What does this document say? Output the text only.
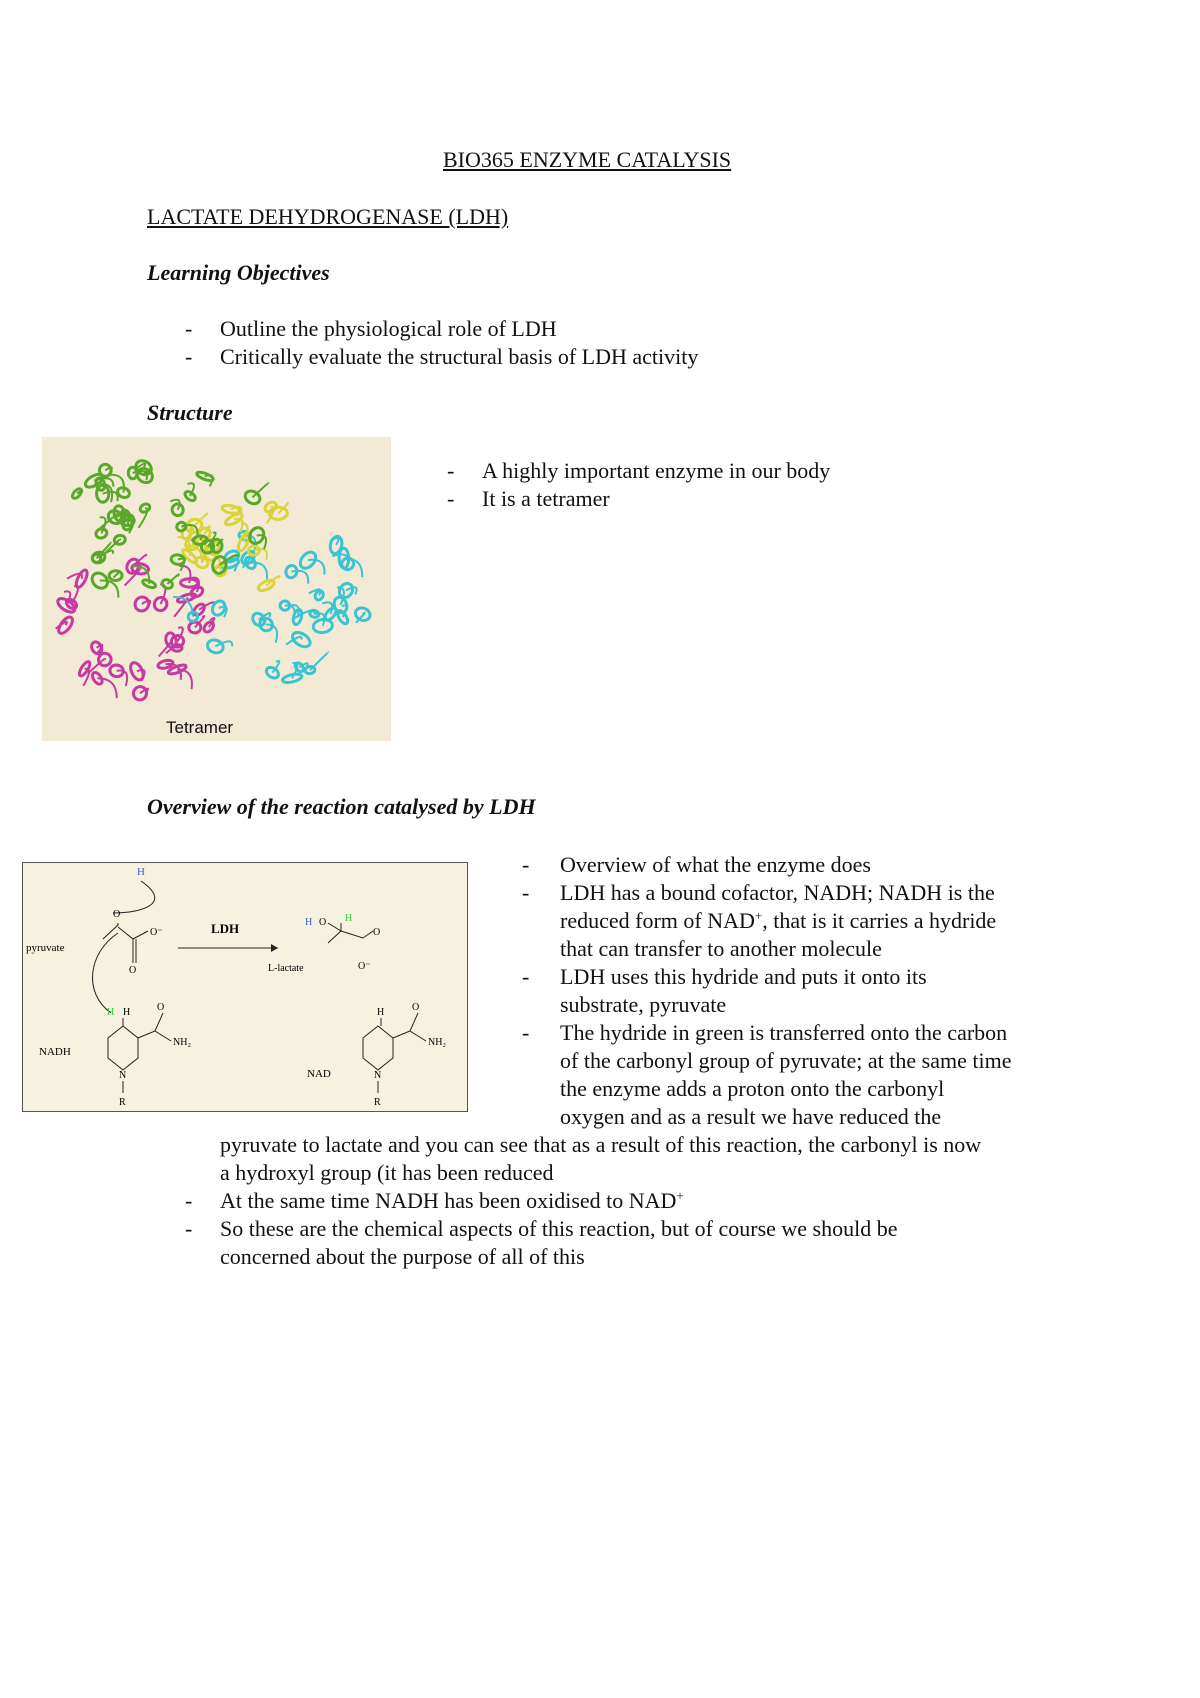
BIO365 ENZYME CATALYSIS
LACTATE DEHYDROGENASE (LDH)
Learning Objectives
- Outline the physiological role of LDH
- Critically evaluate the structural basis of LDH activity
Structure
Tetramer
- A highly important enzyme in our body
- It is a tetramer
Overview of the reaction catalysed by LDH
H
O
O⁻
O
pyruvate
LDH	H O H
O
O⁻
L-lactate
H H	O
NH₂
N
R
NADH
H	O
NH₂
N
R
NAD
- Overview of what the enzyme does
- LDH has a bound cofactor, NADH; NADH is the
reduced form of NAD+, that is it carries a hydride
that can transfer to another molecule
- LDH uses this hydride and puts it onto its
substrate, pyruvate
- The hydride in green is transferred onto the carbon
of the carbonyl group of pyruvate; at the same time
the enzyme adds a proton onto the carbonyl
oxygen and as a result we have reduced the
pyruvate to lactate and you can see that as a result of this reaction, the carbonyl is now
a hydroxyl group (it has been reduced
- At the same time NADH has been oxidised to NAD+
- So these are the chemical aspects of this reaction, but of course we should be
concerned about the purpose of all of this
